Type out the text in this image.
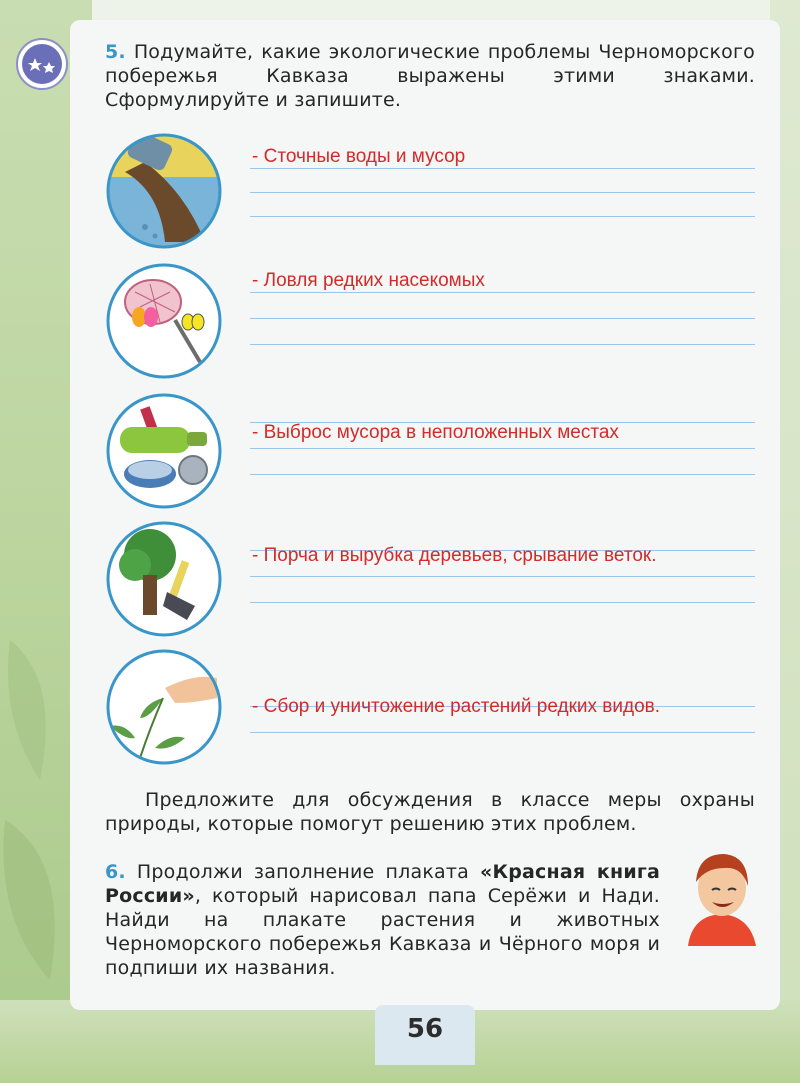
5. Подумайте, какие экологические проблемы Черноморского побережья Кавказа выражены этими знаками. Сформулируйте и запишите.
- Сточные воды и мусор
- Ловля редких насекомых
- Выброс мусора в неположенных местах
- Порча и вырубка деревьев, срывание веток.
- Сбор и уничтожение растений редких видов.
Предложите для обсуждения в классе меры охраны природы, которые помогут решению этих проблем.
6. Продолжи заполнение плаката «Красная книга России», который нарисовал папа Серёжи и Нади. Найди на плакате растения и животных Черноморского побережья Кавказа и Чёрного моря и подпиши их названия.
56
